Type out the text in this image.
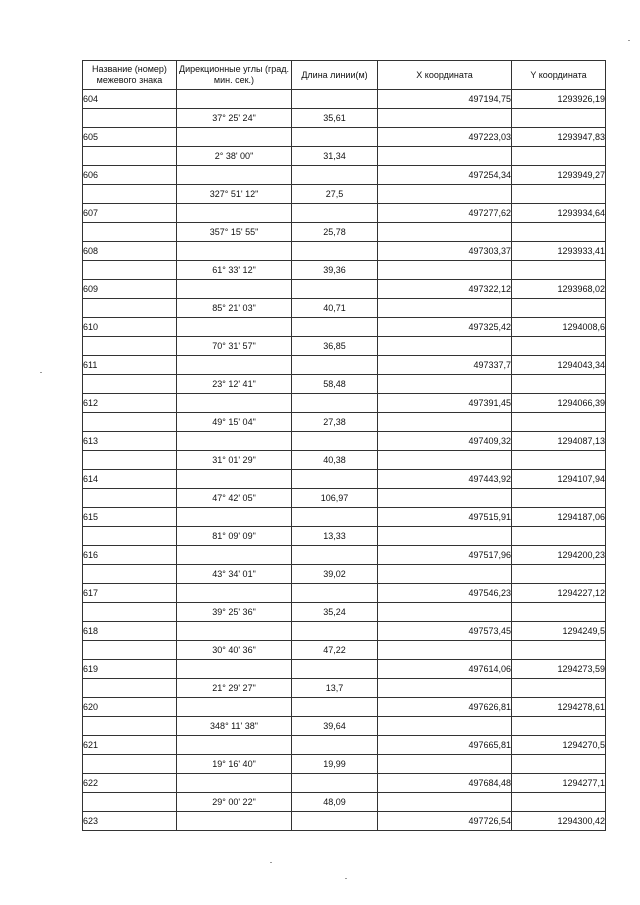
Название (номер) межевого знака	Дирекционные углы (град. мин. сек.)	Длина линии(м)	X координата	Y координата
604			497194,75	1293926,19
	37° 25' 24"	35,61		
605			497223,03	1293947,83
	2° 38' 00"	31,34		
606			497254,34	1293949,27
	327° 51' 12"	27,5		
607			497277,62	1293934,64
	357° 15' 55"	25,78		
608			497303,37	1293933,41
	61° 33' 12"	39,36		
609			497322,12	1293968,02
	85° 21' 03"	40,71		
610			497325,42	1294008,6
	70° 31' 57"	36,85		
611			497337,7	1294043,34
	23° 12' 41"	58,48		
612			497391,45	1294066,39
	49° 15' 04"	27,38		
613			497409,32	1294087,13
	31° 01' 29"	40,38		
614			497443,92	1294107,94
	47° 42' 05"	106,97		
615			497515,91	1294187,06
	81° 09' 09"	13,33		
616			497517,96	1294200,23
	43° 34' 01"	39,02		
617			497546,23	1294227,12
	39° 25' 36"	35,24		
618			497573,45	1294249,5
	30° 40' 36"	47,22		
619			497614,06	1294273,59
	21° 29' 27"	13,7		
620			497626,81	1294278,61
	348° 11' 38"	39,64		
621			497665,81	1294270,5
	19° 16' 40"	19,99		
622			497684,48	1294277,1
	29° 00' 22"	48,09		
623			497726,54	1294300,42
